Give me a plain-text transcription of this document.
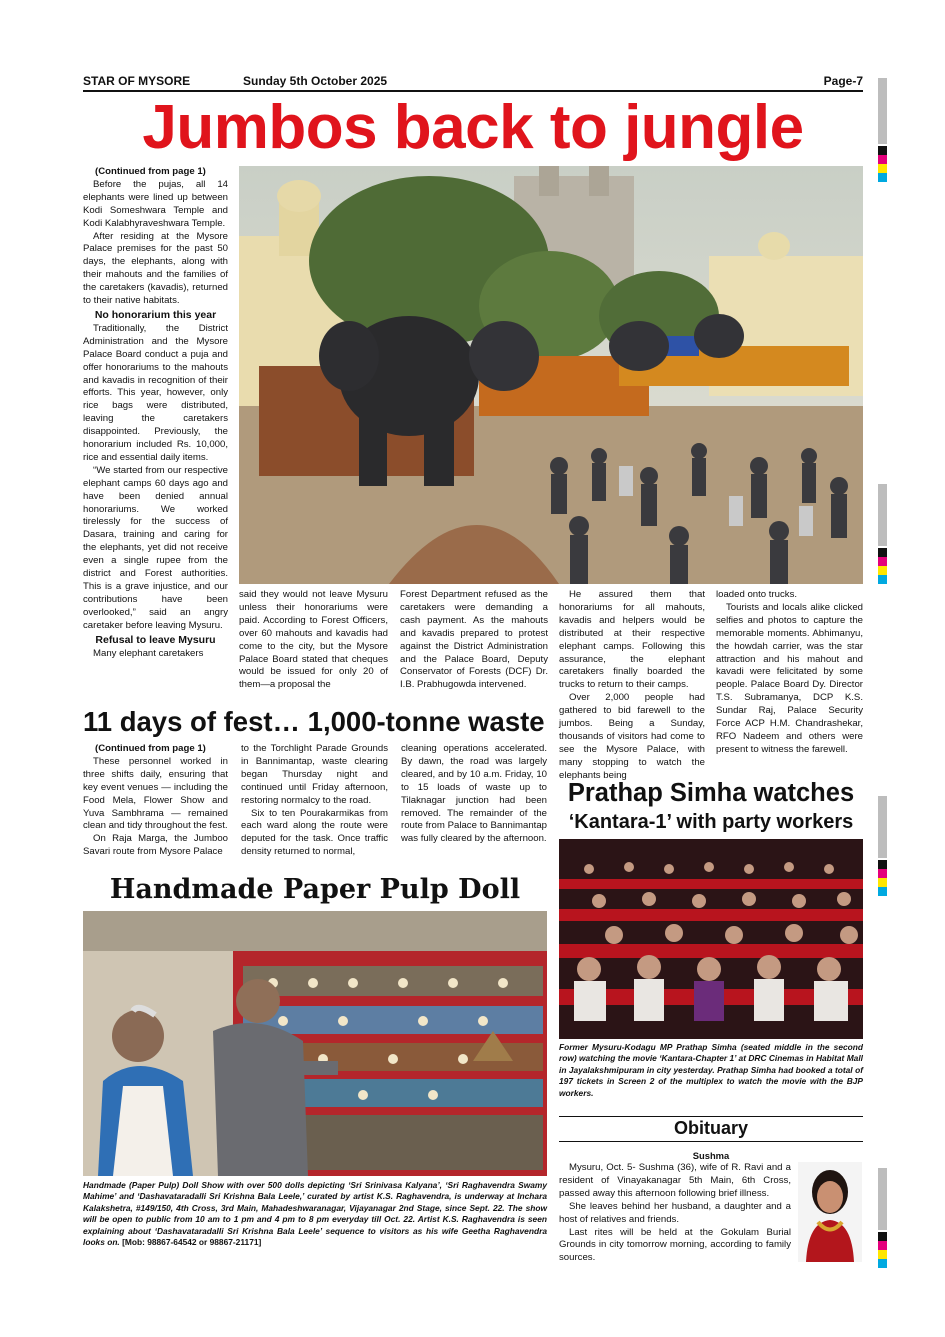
STAR OF MYSORE	Sunday 5th October 2025	Page-7
Jumbos back to jungle

(Continued from page 1)

Before the pujas, all 14 elephants were lined up between Kodi Someshwara Temple and Kodi Kalabhyraveshwara Temple.

After residing at the Mysore Palace premises for the past 50 days, the elephants, along with their mahouts and the families of the caretakers (kavadis), returned to their native habitats.

No honorarium this year

Traditionally, the District Administration and the Mysore Palace Board conduct a puja and offer honorariums to the mahouts and kavadis in recognition of their efforts. This year, however, only rice bags were distributed, leaving the caretakers disappointed. Previously, the honorarium included Rs. 10,000, rice and essential daily items.

“We started from our respective elephant camps 60 days ago and have been denied annual honorariums. We worked tirelessly for the success of Dasara, training and caring for the elephants, yet did not receive even a single rupee from the district and Forest authorities. This is a grave injustice, and our contributions have been overlooked,” said an angry caretaker before leaving Mysuru.

Refusal to leave Mysuru

Many elephant caretakers

said they would not leave Mysuru unless their honorariums were paid. According to Forest Officers, over 60 mahouts and kavadis had come to the city, but the Mysore Palace Board stated that cheques would be issued for only 20 of them—a proposal the

Forest Department refused as the caretakers were demanding a cash payment. As the mahouts and kavadis prepared to protest against the District Administration and the Palace Board, Deputy Conservator of Forests (DCF) Dr. I.B. Prabhugowda intervened.

He assured them that honorariums for all mahouts, kavadis and helpers would be distributed at their respective elephant camps. Following this assurance, the elephant caretakers finally boarded the trucks to return to their camps.

Over 2,000 people had gathered to bid farewell to the jumbos. Being a Sunday, thousands of visitors had come to see the Mysore Palace, with many stopping to watch the elephants being

loaded onto trucks.

Tourists and locals alike clicked selfies and photos to capture the memorable moments. Abhimanyu, the howdah carrier, was the star attraction and his mahout and kavadi were felicitated by some people. Palace Board Dy. Director T.S. Subramanya, DCP K.S. Sundar Raj, Palace Security Force ACP H.M. Chandrashekar, RFO Nadeem and others were present to witness the farewell.

11 days of fest… 1,000-tonne waste

(Continued from page 1)

These personnel worked in three shifts daily, ensuring that key event venues — including the Food Mela, Flower Show and Yuva Sambhrama — remained clean and tidy throughout the fest.

On Raja Marga, the Jumboo Savari route from Mysore Palace

to the Torchlight Parade Grounds in Bannimantap, waste clearing began Thursday night and continued until Friday afternoon, restoring normalcy to the road.

Six to ten Pourakarmikas from each ward along the route were deputed for the task. Once traffic density returned to normal,

cleaning operations accelerated. By dawn, the road was largely cleared, and by 10 a.m. Friday, 10 to 15 loads of waste up to Tilaknagar junction had been removed. The remainder of the route from Palace to Bannimantap was fully cleared by the afternoon.

Handmade Paper Pulp Doll
Handmade (Paper Pulp) Doll Show with over 500 dolls depicting ‘Sri Srinivasa Kalyana’, ‘Sri Raghavendra Swamy Mahime’ and ‘Dashavataradalli Sri Krishna Bala Leele,’ curated by artist K.S. Raghavendra, is underway at Inchara Kalakshetra, #149/150, 4th Cross, 3rd Main, Mahadeshwaranagar, Vijayanagar 2nd Stage, since Sept. 22. The show will be open to public from 10 am to 1 pm and 4 pm to 8 pm everyday till Oct. 22. Artist K.S. Raghavendra is seen explaining about ‘Dashavataradalli Sri Krishna Bala Leele’ sequence to visitors as his wife Geetha Raghavendra looks on. [Mob: 98867-64542 or 98867-21171]
Prathap Simha watches
‘Kantara-1’ with party workers
Former Mysuru-Kodagu MP Prathap Simha (seated middle in the second row) watching the movie ‘Kantara-Chapter 1’ at DRC Cinemas in Habitat Mall in Jayalakshmipuram in city yesterday. Prathap Simha had booked a total of 197 tickets in Screen 2 of the multiplex to watch the movie with the BJP workers.
Obituary
Sushma

Mysuru, Oct. 5- Sushma (36), wife of R. Ravi and a resident of Vinayakanagar 5th Main, 6th Cross, passed away this afternoon following brief illness.

She leaves behind her husband, a daughter and a host of relatives and friends.

Last rites will be held at the Gokulam Burial Grounds in city tomorrow morning, according to family sources.
